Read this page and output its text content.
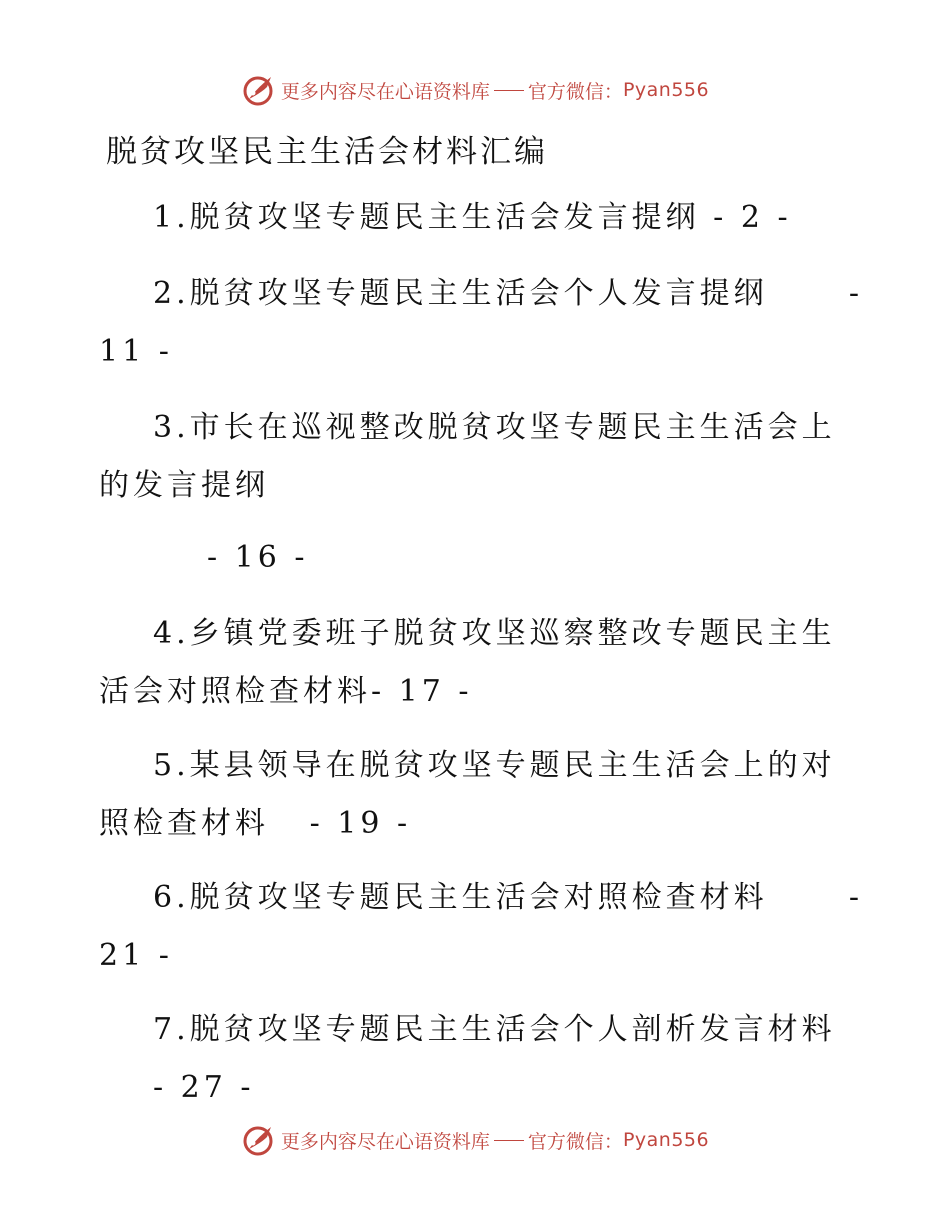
更多内容尽在心语资料库 官方微信： Pyan556
脱贫攻坚民主生活会材料汇编
1.脱贫攻坚专题民主生活会发言提纲 - 2 -
2.脱贫攻坚专题民主生活会个人发言提纲      -
11 -
3.市长在巡视整改脱贫攻坚专题民主生活会上
的发言提纲
- 16 -
4.乡镇党委班子脱贫攻坚巡察整改专题民主生
活会对照检查材料- 17 -
5.某县领导在脱贫攻坚专题民主生活会上的对
照检查材料   - 19 -
6.脱贫攻坚专题民主生活会对照检查材料      -
21 -
7.脱贫攻坚专题民主生活会个人剖析发言材料
- 27 -
更多内容尽在心语资料库 官方微信： Pyan556
